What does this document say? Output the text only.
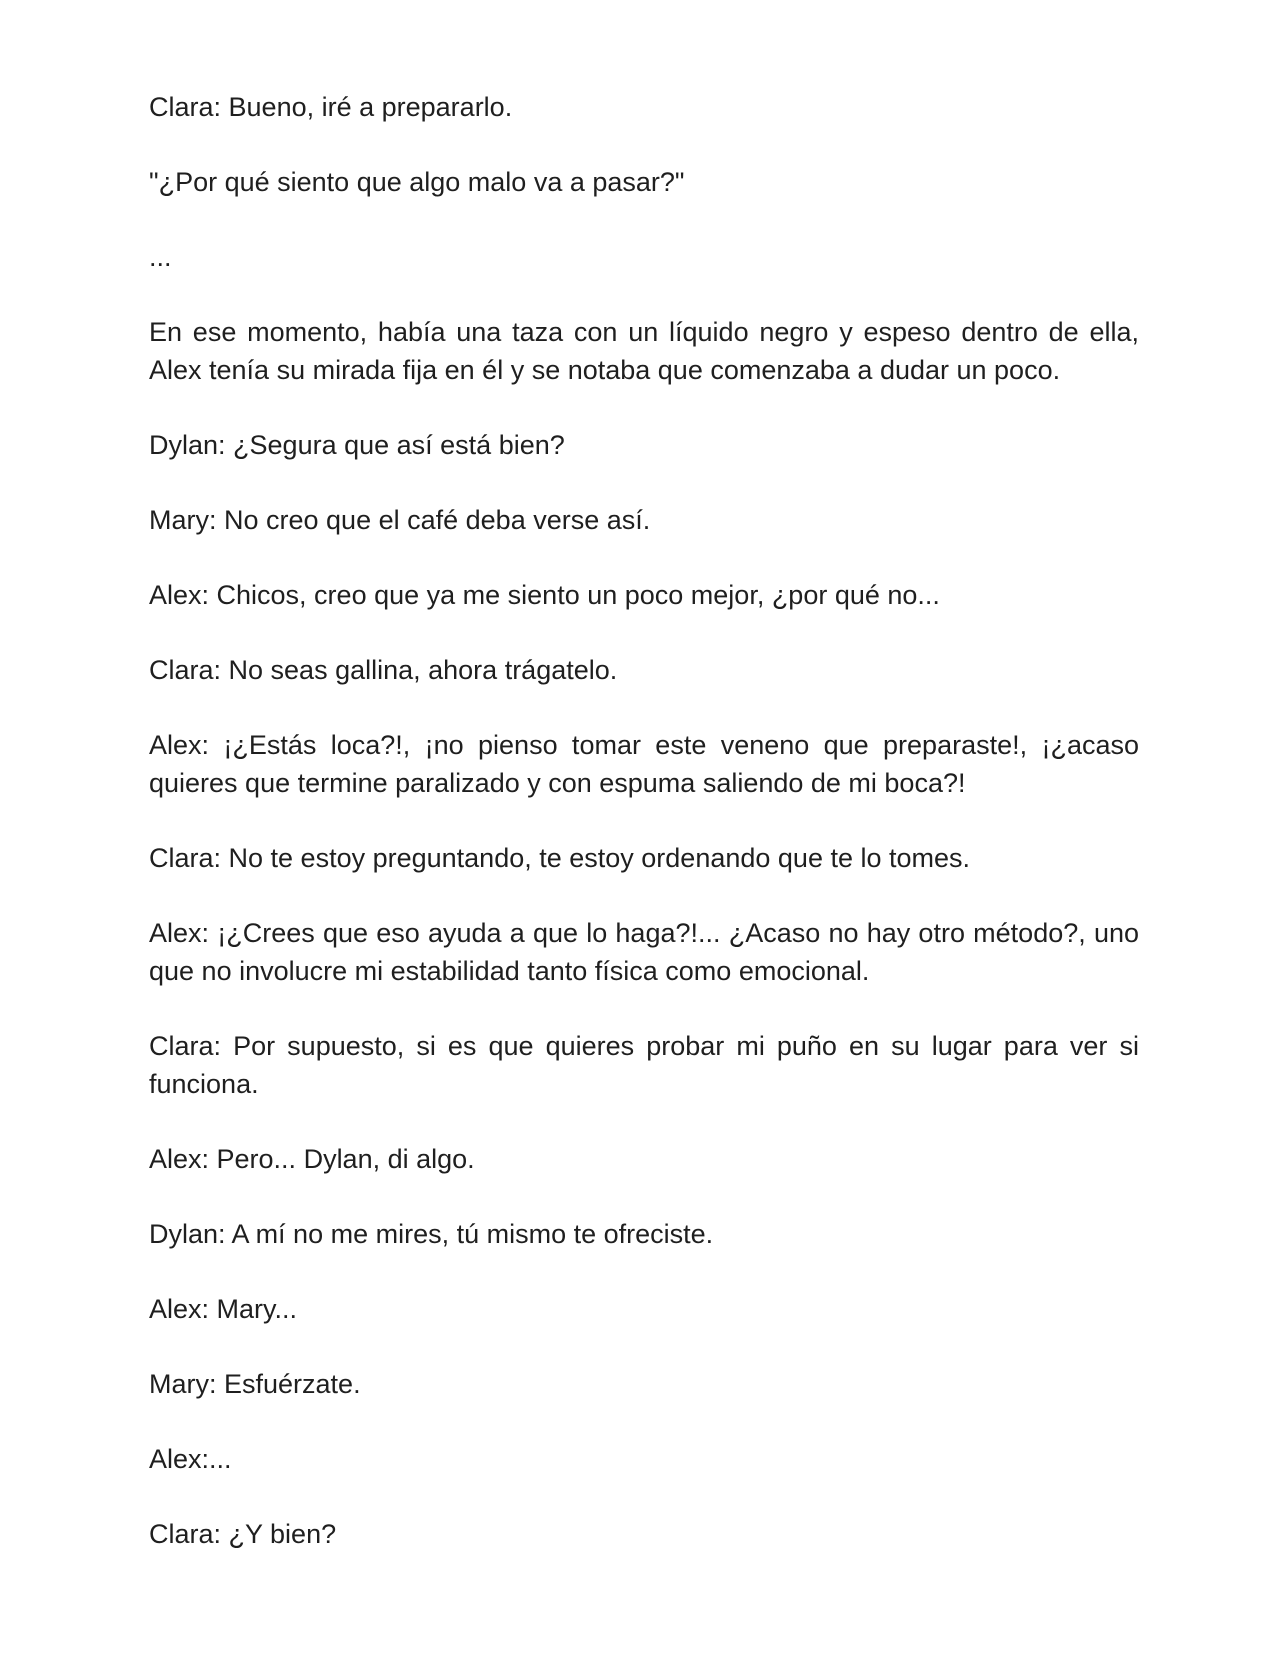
Clara: Bueno, iré a prepararlo.

"¿Por qué siento que algo malo va a pasar?"

...

En ese momento, había una taza con un líquido negro y espeso dentro de ella, Alex tenía su mirada fija en él y se notaba que comenzaba a dudar un poco.

Dylan: ¿Segura que así está bien?

Mary: No creo que el café deba verse así.

Alex: Chicos, creo que ya me siento un poco mejor, ¿por qué no...

Clara: No seas gallina, ahora trágatelo.

Alex: ¡¿Estás loca?!, ¡no pienso tomar este veneno que preparaste!, ¡¿acaso quieres que termine paralizado y con espuma saliendo de mi boca?!

Clara: No te estoy preguntando, te estoy ordenando que te lo tomes.

Alex: ¡¿Crees que eso ayuda a que lo haga?!... ¿Acaso no hay otro método?, uno que no involucre mi estabilidad tanto física como emocional.

Clara: Por supuesto, si es que quieres probar mi puño en su lugar para ver si funciona.

Alex: Pero... Dylan, di algo.

Dylan: A mí no me mires, tú mismo te ofreciste.

Alex: Mary...

Mary: Esfuérzate.

Alex:...

Clara: ¿Y bien?
